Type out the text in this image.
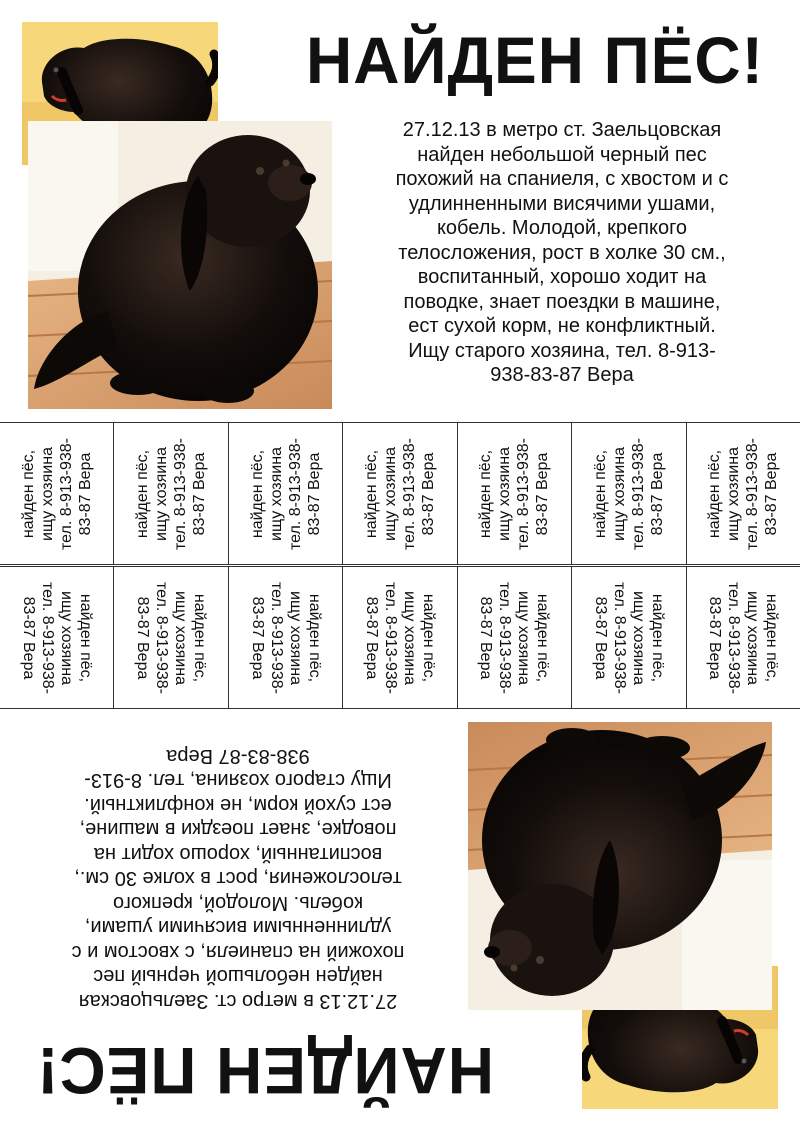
НАЙДЕН ПЁС!
27.12.13 в метро ст. Заельцовская
найден небольшой черный пес
похожий на спаниеля, с хвостом и с
удлинненными висячими ушами,
кобель. Молодой, крепкого
телосложения, рост в холке 30 см.,
воспитанный, хорошо ходит на
поводке, знает поездки в машине,
ест сухой корм, не конфликтный.
Ищу старого хозяина, тел. 8-913-
938-83-87 Вера
найден пёс, ищу хозяина тел. 8-913-938- 83-87 Вера	найден пёс, ищу хозяина тел. 8-913-938- 83-87 Вера	найден пёс, ищу хозяина тел. 8-913-938- 83-87 Вера	найден пёс, ищу хозяина тел. 8-913-938- 83-87 Вера	найден пёс, ищу хозяина тел. 8-913-938- 83-87 Вера	найден пёс, ищу хозяина тел. 8-913-938- 83-87 Вера	найден пёс, ищу хозяина тел. 8-913-938- 83-87 Вера
найден пёс,
ищу хозяина
тел. 8-913-938-
83-87 Вера	найден пёс,
ищу хозяина
тел. 8-913-938-
83-87 Вера	найден пёс,
ищу хозяина
тел. 8-913-938-
83-87 Вера	найден пёс,
ищу хозяина
тел. 8-913-938-
83-87 Вера	найден пёс,
ищу хозяина
тел. 8-913-938-
83-87 Вера	найден пёс,
ищу хозяина
тел. 8-913-938-
83-87 Вера	найден пёс,
ищу хозяина
тел. 8-913-938-
83-87 Вера
НАЙДЕН ПЁС!
27.12.13 в метро ст. Заельцовская
найден небольшой черный пес
похожий на спаниеля, с хвостом и с
удлинненными висячими ушами,
кобель. Молодой, крепкого
телосложения, рост в холке 30 см.,
воспитанный, хорошо ходит на
поводке, знает поездки в машине,
ест сухой корм, не конфликтный.
Ищу старого хозяина, тел. 8-913-
938-83-87 Вера
